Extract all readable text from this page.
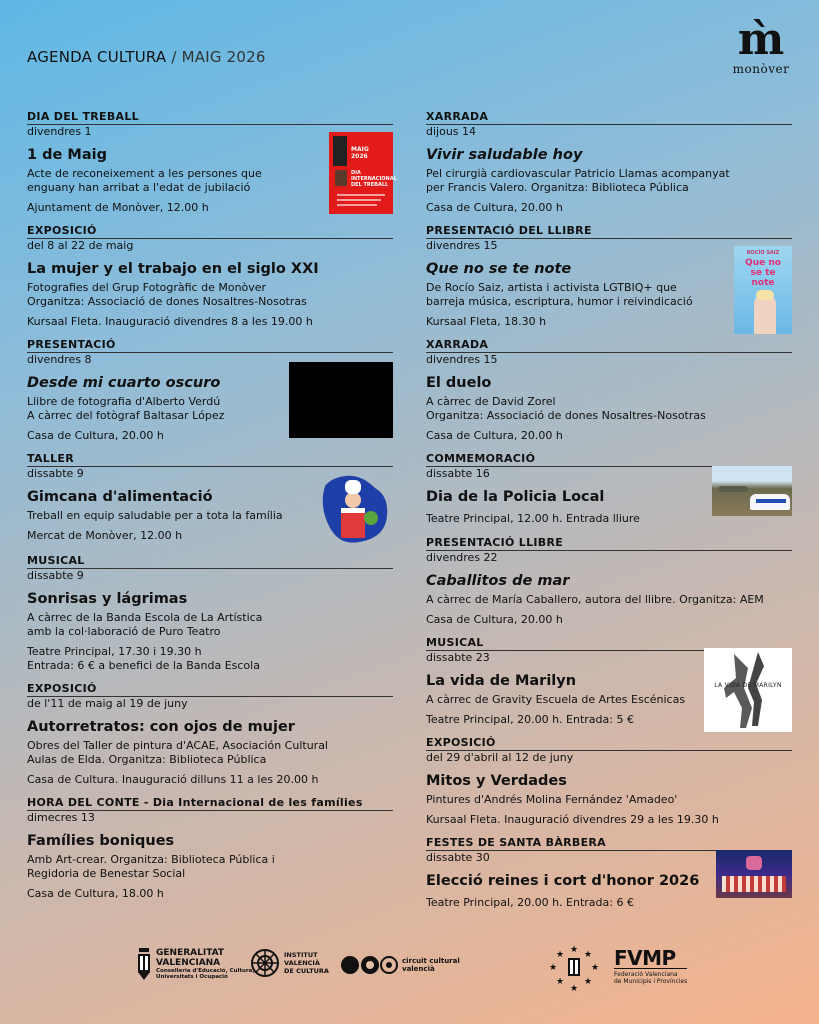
AGENDA CULTURA / MAIG 2026	m̀
monòver
DIA DEL TREBALL
divendres 1
1 de Maig
Acte de reconeixement a les persones que
enguany han arribat a l'edat de jubilació
Ajuntament de Monòver, 12.00 h
MAIG
2026
DIA
INTERNACIONAL
DEL TREBALL
EXPOSICIÓ
del 8 al 22 de maig
La mujer y el trabajo en el siglo XXI
Fotografies del Grup Fotogràfic de Monòver
Organitza: Associació de dones Nosaltres-Nosotras
Kursaal Fleta. Inauguració divendres 8 a les 19.00 h
PRESENTACIÓ
divendres 8
Desde mi cuarto oscuro
Llibre de fotografia d'Alberto Verdú
A càrrec del fotògraf Baltasar López
Casa de Cultura, 20.00 h
TALLER
dissabte 9
Gimcana d'alimentació
Treball en equip saludable per a tota la família
Mercat de Monòver, 12.00 h
MUSICAL
dissabte 9
Sonrisas y lágrimas
A càrrec de la Banda Escola de La Artística
amb la col·laboració de Puro Teatro
Teatre Principal, 17.30 i 19.30 h
Entrada: 6 € a benefici de la Banda Escola
EXPOSICIÓ
de l'11 de maig al 19 de juny
Autorretratos: con ojos de mujer
Obres del Taller de pintura d'ACAE, Asociación Cultural
Aulas de Elda. Organitza: Biblioteca Pública
Casa de Cultura. Inauguració dilluns 11 a les 20.00 h
HORA DEL CONTE - Dia Internacional de les famílies
dimecres 13
Famílies boniques
Amb Art-crear. Organitza: Biblioteca Pública i
Regidoria de Benestar Social
Casa de Cultura, 18.00 h
XARRADA
dijous 14
Vivir saludable hoy
Pel cirurgià cardiovascular Patricio Llamas acompanyat
per Francis Valero. Organitza: Biblioteca Pública
Casa de Cultura, 20.00 h
PRESENTACIÓ DEL LLIBRE
divendres 15
Que no se te note
De Rocío Saiz, artista i activista LGTBIQ+ que
barreja música, escriptura, humor i reivindicació
Kursaal Fleta, 18.30 h
ROCÍO SAIZ
Que no se te note
XARRADA
divendres 15
El duelo
A càrrec de David Zorel
Organitza: Associació de dones Nosaltres-Nosotras
Casa de Cultura, 20.00 h
COMMEMORACIÓ
dissabte 16
Dia de la Policia Local
Teatre Principal, 12.00 h. Entrada lliure
PRESENTACIÓ LLIBRE
divendres 22
Caballitos de mar
A càrrec de María Caballero, autora del llibre. Organitza: AEM
Casa de Cultura, 20.00 h
MUSICAL
dissabte 23
La vida de Marilyn
A càrrec de Gravity Escuela de Artes Escénicas
Teatre Principal, 20.00 h. Entrada: 5 €
LA VIDA DE MARILYN
EXPOSICIÓ
del 29 d'abril al 12 de juny
Mitos y Verdades
Pintures d'Andrés Molina Fernández 'Amadeo'
Kursaal Fleta. Inauguració divendres 29 a les 19.30 h
FESTES DE SANTA BÀRBERA
dissabte 30
Elecció reines i cort d'honor 2026
Teatre Principal, 20.00 h. Entrada: 6 €
GENERALITAT
VALENCIANA
Conselleria d'Educació, Cultura,
Universitats i Ocupació
INSTITUT
VALENCIÀ
DE CULTURA
circuit cultural
valencià
★ ★
★
★
★
★
★
★ FVMP
Federació Valenciana
de Municipis i Províncies
